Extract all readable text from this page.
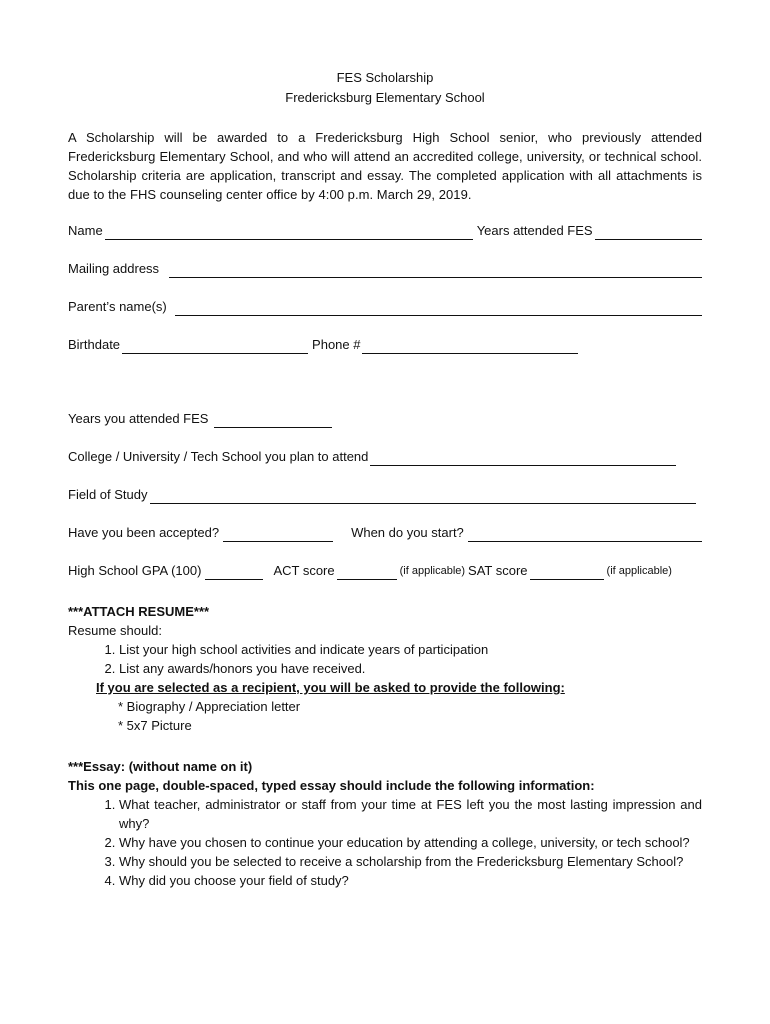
FES Scholarship

Fredericksburg Elementary School

A Scholarship will be awarded to a Fredericksburg High School senior, who previously attended Fredericksburg Elementary School, and who will attend an accredited college, university, or technical school. Scholarship criteria are application, transcript and essay. The completed application with all attachments is due to the FHS counseling center office by 4:00 p.m. March 29, 2019.
Name	Years attended FES
Mailing address
Parent’s name(s)
Birthdate	Phone #
Years you attended FES
College / University / Tech School you plan to attend
Field of Study
Have you been accepted?	When do you start?
High School GPA (100)	ACT score	(if applicable) SAT score	(if applicable)
***ATTACH RESUME***
Resume should:
1. List your high school activities and indicate years of participation
2. List any awards/honors you have received.
If you are selected as a recipient, you will be asked to provide the following:
* Biography / Appreciation letter
* 5x7 Picture
***Essay: (without name on it)
This one page, double-spaced, typed essay should include the following information:
1. What teacher, administrator or staff from your time at FES left you the most lasting impression and why?
2. Why have you chosen to continue your education by attending a college, university, or tech school?
3. Why should you be selected to receive a scholarship from the Fredericksburg Elementary School?
4. Why did you choose your field of study?
